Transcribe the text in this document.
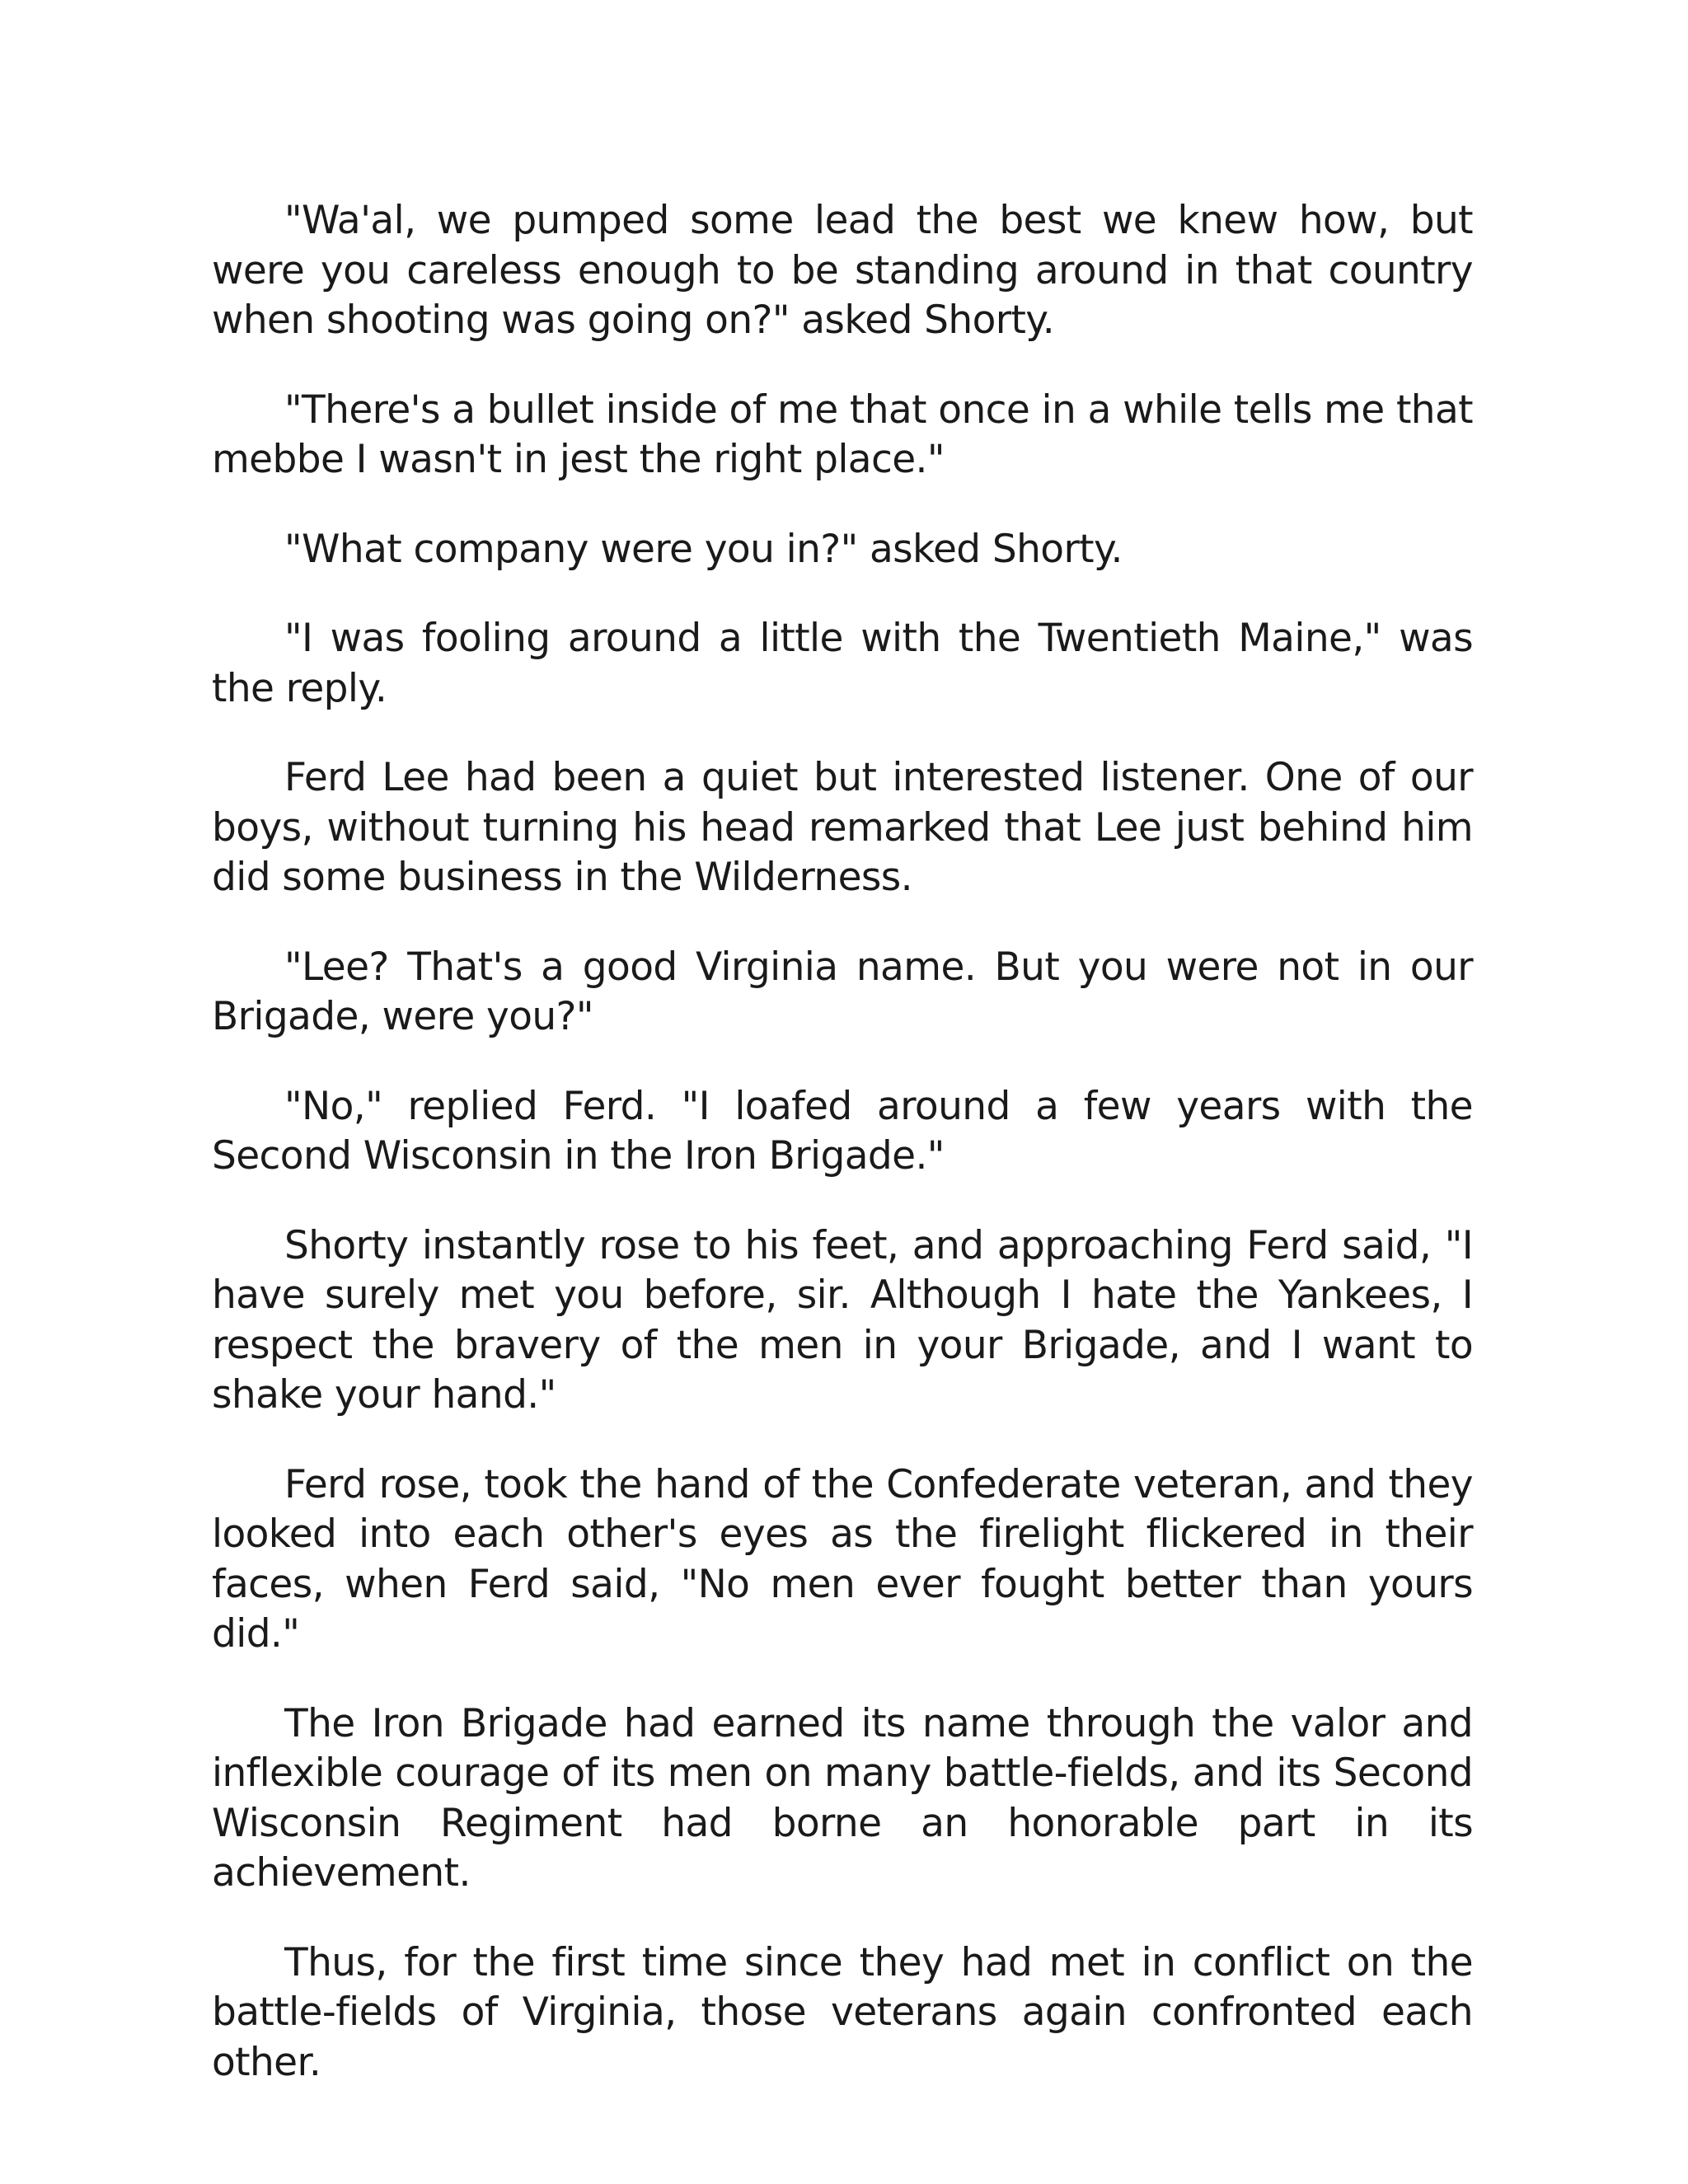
"Wa'al, we pumped some lead the best we knew how, but were you careless enough to be standing around in that country when shooting was going on?" asked Shorty.

"There's a bullet inside of me that once in a while tells me that mebbe I wasn't in jest the right place."

"What company were you in?" asked Shorty.

"I was fooling around a little with the Twentieth Maine," was the reply.

Ferd Lee had been a quiet but interested listener. One of our boys, without turning his head remarked that Lee just behind him did some business in the Wilderness.

"Lee? That's a good Virginia name. But you were not in our Brigade, were you?"

"No," replied Ferd. "I loafed around a few years with the Second Wisconsin in the Iron Brigade."

Shorty instantly rose to his feet, and approaching Ferd said, "I have surely met you before, sir. Although I hate the Yankees, I respect the bravery of the men in your Brigade, and I want to shake your hand."

Ferd rose, took the hand of the Confederate veteran, and they looked into each other's eyes as the firelight flickered in their faces, when Ferd said, "No men ever fought better than yours did."

The Iron Brigade had earned its name through the valor and inflexible courage of its men on many battle-fields, and its Second Wisconsin Regiment had borne an honorable part in its achievement.

Thus, for the first time since they had met in conflict on the battle-fields of Virginia, those veterans again confronted each other.
